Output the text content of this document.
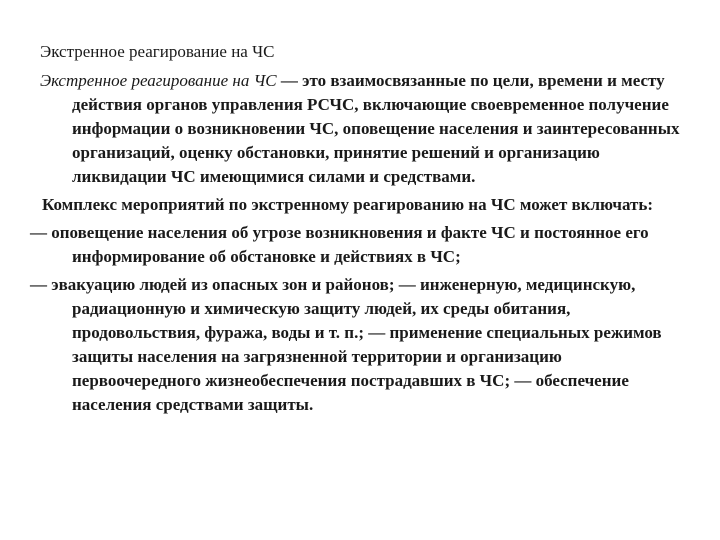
Экстренное реагирование на ЧС
Экстренное реагирование на ЧС — это взаимосвязанные по цели, времени и месту действия органов управления РСЧС, включающие своевременное получение информации о возникновении ЧС, оповещение населения и заинтересованных организаций, оценку обстановки, принятие решений и организацию ликвидации ЧС имеющимися силами и средствами.
Комплекс мероприятий по экстренному реагированию на ЧС может включать:
— оповещение населения об угрозе возникновения и факте ЧС и постоянное его информирование об обстановке и действиях в ЧС;
— эвакуацию людей из опасных зон и районов; — инженерную, медицинскую, радиационную и химическую защиту людей, их среды обитания, продовольствия, фуража, воды и т. п.; — применение специальных режимов защиты населения на загрязненной территории и организацию первоочередного жизнеобеспечения пострадавших в ЧС; — обеспечение населения средствами защиты.
